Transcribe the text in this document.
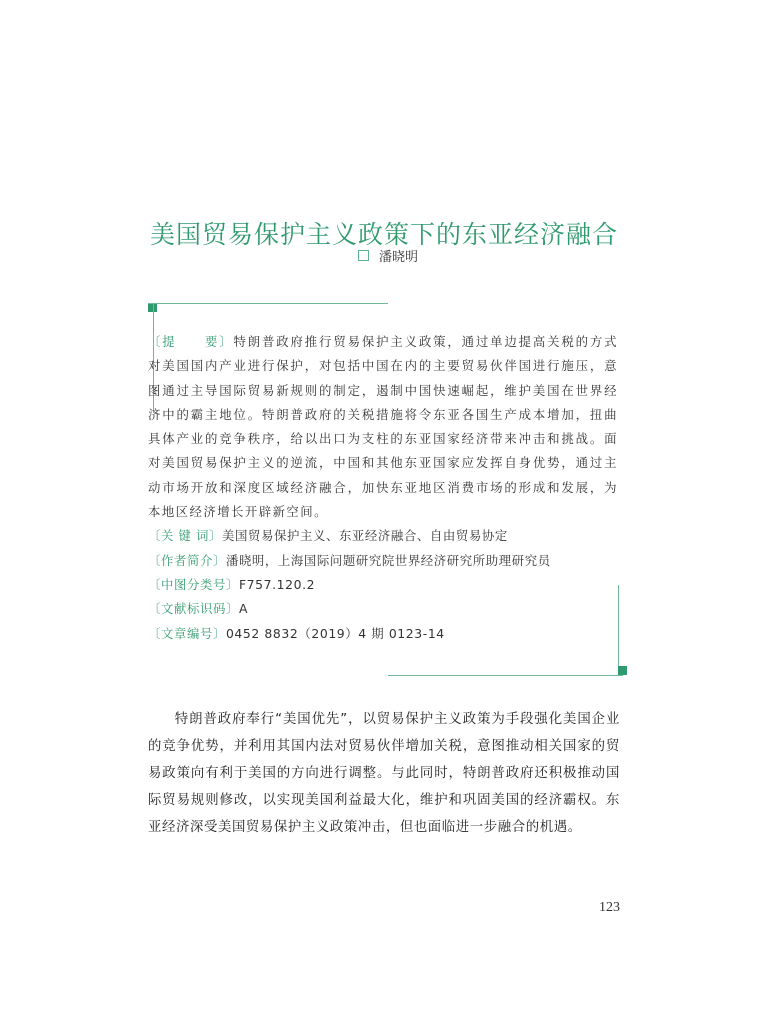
美国贸易保护主义政策下的东亚经济融合
潘晓明

〔提　　要〕特朗普政府推行贸易保护主义政策，通过单边提高关税的方式对美国国内产业进行保护，对包括中国在内的主要贸易伙伴国进行施压，意图通过主导国际贸易新规则的制定，遏制中国快速崛起，维护美国在世界经济中的霸主地位。特朗普政府的关税措施将令东亚各国生产成本增加，扭曲具体产业的竞争秩序，给以出口为支柱的东亚国家经济带来冲击和挑战。面对美国贸易保护主义的逆流，中国和其他东亚国家应发挥自身优势，通过主动市场开放和深度区域经济融合，加快东亚地区消费市场的形成和发展，为本地区经济增长开辟新空间。

〔关 键 词〕美国贸易保护主义、东亚经济融合、自由贸易协定

〔作者简介〕潘晓明，上海国际问题研究院世界经济研究所助理研究员

〔中图分类号〕F757.120.2

〔文献标识码〕A

〔文章编号〕0452 8832（2019）4 期 0123-14

特朗普政府奉行“美国优先”，以贸易保护主义政策为手段强化美国企业的竞争优势，并利用其国内法对贸易伙伴增加关税，意图推动相关国家的贸易政策向有利于美国的方向进行调整。与此同时，特朗普政府还积极推动国际贸易规则修改，以实现美国利益最大化，维护和巩固美国的经济霸权。东亚经济深受美国贸易保护主义政策冲击，但也面临进一步融合的机遇。

123
